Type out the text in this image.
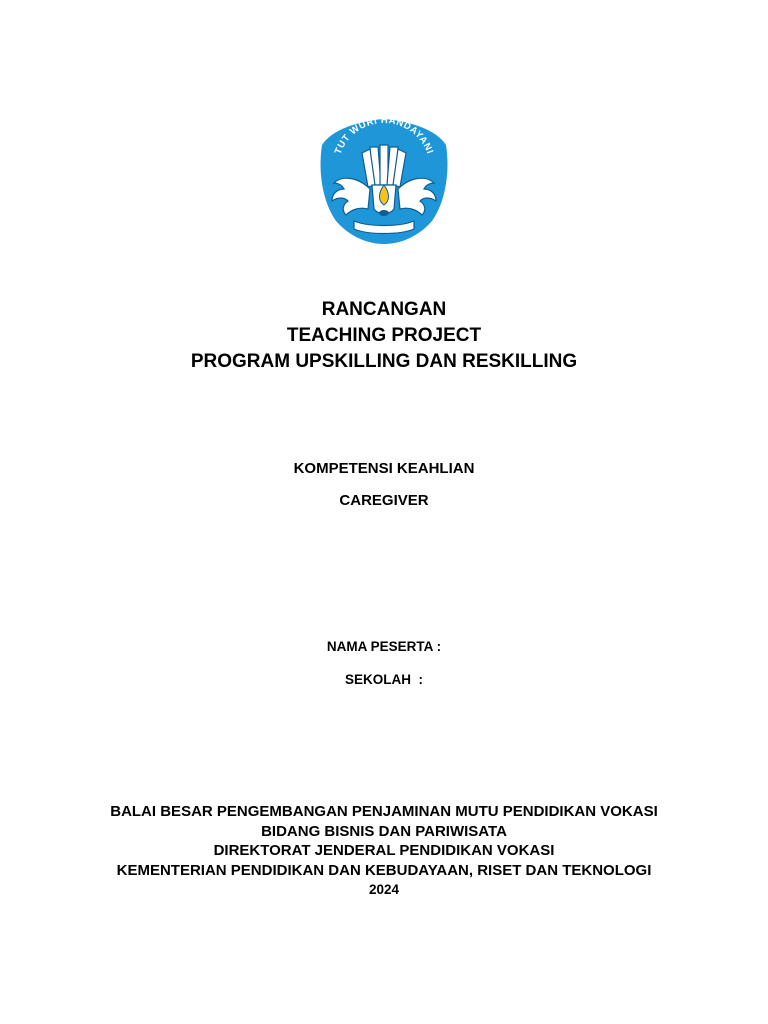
TUT WURI HANDAYANI
RANCANGAN
TEACHING PROJECT
PROGRAM UPSKILLING DAN RESKILLING
KOMPETENSI KEAHLIAN
CAREGIVER
NAMA PESERTA :
SEKOLAH  :
BALAI BESAR PENGEMBANGAN PENJAMINAN MUTU PENDIDIKAN VOKASI
BIDANG BISNIS DAN PARIWISATA
DIREKTORAT JENDERAL PENDIDIKAN VOKASI
KEMENTERIAN PENDIDIKAN DAN KEBUDAYAAN, RISET DAN TEKNOLOGI
2024
